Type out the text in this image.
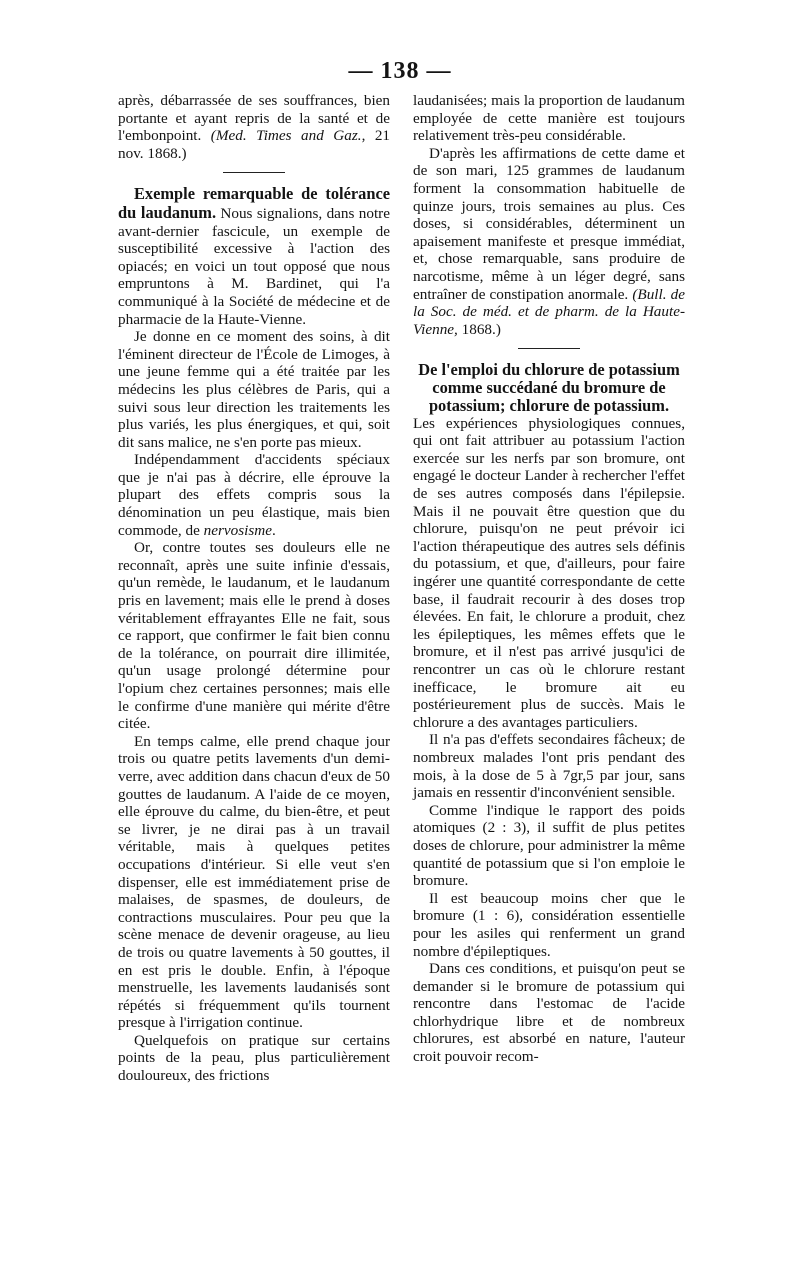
— 138 —

après, débarrassée de ses souffrances, bien portante et ayant repris de la santé et de l'embonpoint. (Med. Times and Gaz., 21 nov. 1868.)

Exemple remarquable de tolérance du laudanum. Nous signalions, dans notre avant-dernier fascicule, un exemple de susceptibilité excessive à l'action des opiacés; en voici un tout opposé que nous empruntons à M. Bardinet, qui l'a communiqué à la Société de médecine et de pharmacie de la Haute-Vienne.

Je donne en ce moment des soins, à dit l'éminent directeur de l'École de Limoges, à une jeune femme qui a été traitée par les médecins les plus célèbres de Paris, qui a suivi sous leur direction les traitements les plus variés, les plus énergiques, et qui, soit dit sans malice, ne s'en porte pas mieux.

Indépendamment d'accidents spéciaux que je n'ai pas à décrire, elle éprouve la plupart des effets compris sous la dénomination un peu élastique, mais bien commode, de nervosisme.

Or, contre toutes ses douleurs elle ne reconnaît, après une suite infinie d'essais, qu'un remède, le laudanum, et le laudanum pris en lavement; mais elle le prend à doses véritablement effrayantes Elle ne fait, sous ce rapport, que confirmer le fait bien connu de la tolérance, on pourrait dire illimitée, qu'un usage prolongé détermine pour l'opium chez certaines personnes; mais elle le confirme d'une manière qui mérite d'être citée.

En temps calme, elle prend chaque jour trois ou quatre petits lavements d'un demi-verre, avec addition dans chacun d'eux de 50 gouttes de laudanum. A l'aide de ce moyen, elle éprouve du calme, du bien-être, et peut se livrer, je ne dirai pas à un travail véritable, mais à quelques petites occupations d'intérieur. Si elle veut s'en dispenser, elle est immédiatement prise de malaises, de spasmes, de douleurs, de contractions musculaires. Pour peu que la scène menace de devenir orageuse, au lieu de trois ou quatre lavements à 50 gouttes, il en est pris le double. Enfin, à l'époque menstruelle, les lavements laudanisés sont répétés si fréquemment qu'ils tournent presque à l'irrigation continue.

Quelquefois on pratique sur certains points de la peau, plus particulièrement douloureux, des frictions

laudanisées; mais la proportion de laudanum employée de cette manière est toujours relativement très-peu considérable.

D'après les affirmations de cette dame et de son mari, 125 grammes de laudanum forment la consommation habituelle de quinze jours, trois semaines au plus. Ces doses, si considérables, déterminent un apaisement manifeste et presque immédiat, et, chose remarquable, sans produire de narcotisme, même à un léger degré, sans entraîner de constipation anormale. (Bull. de la Soc. de méd. et de pharm. de la Haute-Vienne, 1868.)

De l'emploi du chlorure de potassium comme succédané du bromure de potassium; chlorure de potassium.

Les expériences physiologiques connues, qui ont fait attribuer au potassium l'action exercée sur les nerfs par son bromure, ont engagé le docteur Lander à rechercher l'effet de ses autres composés dans l'épilepsie. Mais il ne pouvait être question que du chlorure, puisqu'on ne peut prévoir ici l'action thérapeutique des autres sels définis du potassium, et que, d'ailleurs, pour faire ingérer une quantité correspondante de cette base, il faudrait recourir à des doses trop élevées. En fait, le chlorure a produit, chez les épileptiques, les mêmes effets que le bromure, et il n'est pas arrivé jusqu'ici de rencontrer un cas où le chlorure restant inefficace, le bromure ait eu postérieurement plus de succès. Mais le chlorure a des avantages particuliers.

Il n'a pas d'effets secondaires fâcheux; de nombreux malades l'ont pris pendant des mois, à la dose de 5 à 7gr,5 par jour, sans jamais en ressentir d'inconvénient sensible.

Comme l'indique le rapport des poids atomiques (2 : 3), il suffit de plus petites doses de chlorure, pour administrer la même quantité de potassium que si l'on emploie le bromure.

Il est beaucoup moins cher que le bromure (1 : 6), considération essentielle pour les asiles qui renferment un grand nombre d'épileptiques.

Dans ces conditions, et puisqu'on peut se demander si le bromure de potassium qui rencontre dans l'estomac de l'acide chlorhydrique libre et de nombreux chlorures, est absorbé en nature, l'auteur croit pouvoir recom-
